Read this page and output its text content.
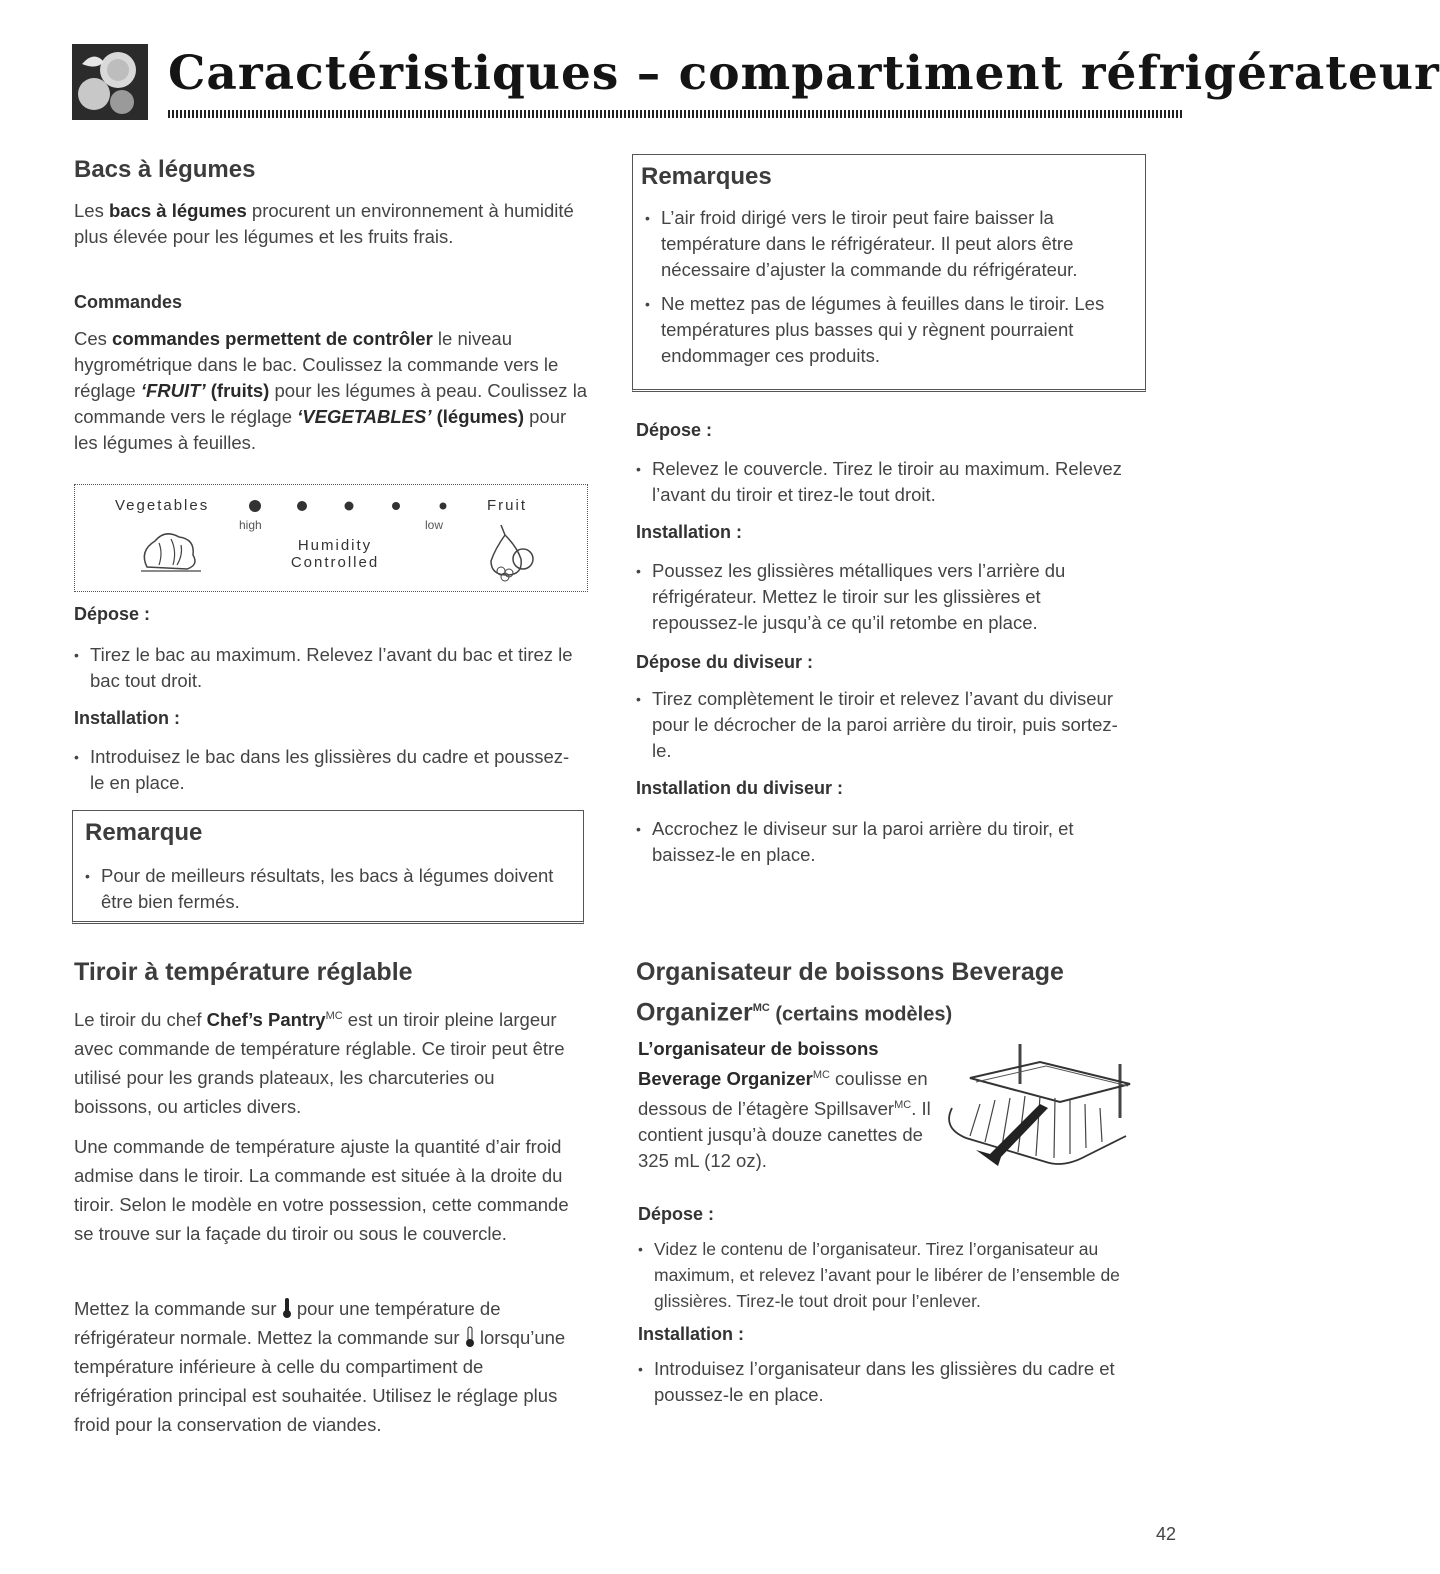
Caractéristiques – compartiment réfrigérateur
Bacs à légumes

Les bacs à légumes procurent un environnement à humidité plus élevée pour les légumes et les fruits frais.

Commandes

Ces commandes permettent de contrôler le niveau hygrométrique dans le bac. Coulissez la commande vers le réglage ‘FRUIT’ (fruits) pour les légumes à peau. Coulissez la commande vers le réglage ‘VEGETABLES’ (légumes) pour les légumes à feuilles.

Vegetables	Fruit
high	low
Humidity
Controlled
Dépose :
• Tirez le bac au maximum. Relevez l’avant du bac et tirez le bac tout droit.
Installation :
• Introduisez le bac dans les glissières du cadre et poussez-le en place.
Remarque
• Pour de meilleurs résultats, les bacs à légumes doivent être bien fermés.
Tiroir à température réglable

Le tiroir du chef Chef’s Pantry$^{MC}$ est un tiroir pleine largeur avec commande de température réglable. Ce tiroir peut être utilisé pour les grands plateaux, les charcuteries ou boissons, ou articles divers.

Une commande de température ajuste la quantité d’air froid admise dans le tiroir. La commande est située à la droite du tiroir. Selon le modèle en votre possession, cette commande se trouve sur la façade du tiroir ou sous le couvercle.

Mettez la commande sur  pour une température de réfrigérateur normale. Mettez la commande sur  lorsqu’une température inférieure à celle du compartiment de réfrigération principal est souhaitée. Utilisez le réglage plus froid pour la conservation de viandes.

Remarques
• L’air froid dirigé vers le tiroir peut faire baisser la température dans le réfrigérateur. Il peut alors être nécessaire d’ajuster la commande du réfrigérateur.
• Ne mettez pas de légumes à feuilles dans le tiroir. Les températures plus basses qui y règnent pourraient endommager ces produits.
Dépose :
• Relevez le couvercle. Tirez le tiroir au maximum. Relevez l’avant du tiroir et tirez-le tout droit.
Installation :
• Poussez les glissières métalliques vers l’arrière du réfrigérateur. Mettez le tiroir sur les glissières et repoussez-le jusqu’à ce qu’il retombe en place.
Dépose du diviseur :
• Tirez complètement le tiroir et relevez l’avant du diviseur pour le décrocher de la paroi arrière du tiroir, puis sortez-le.
Installation du diviseur :
• Accrochez le diviseur sur la paroi arrière du tiroir, et baissez-le en place.
Organisateur de boissons Beverage
Organizer$^{MC}$ (certains modèles)

L’organisateur de boissons Beverage Organizer$^{MC}$ coulisse en dessous de l’étagère Spillsaver$^{MC}$. Il contient jusqu’à douze canettes de 325 mL (12 oz).

Dépose :
• Videz le contenu de l’organisateur. Tirez l’organisateur au maximum, et relevez l’avant pour le libérer de l’ensemble de glissières. Tirez-le tout droit pour l’enlever.
Installation :
• Introduisez l’organisateur dans les glissières du cadre et poussez-le en place.
42
